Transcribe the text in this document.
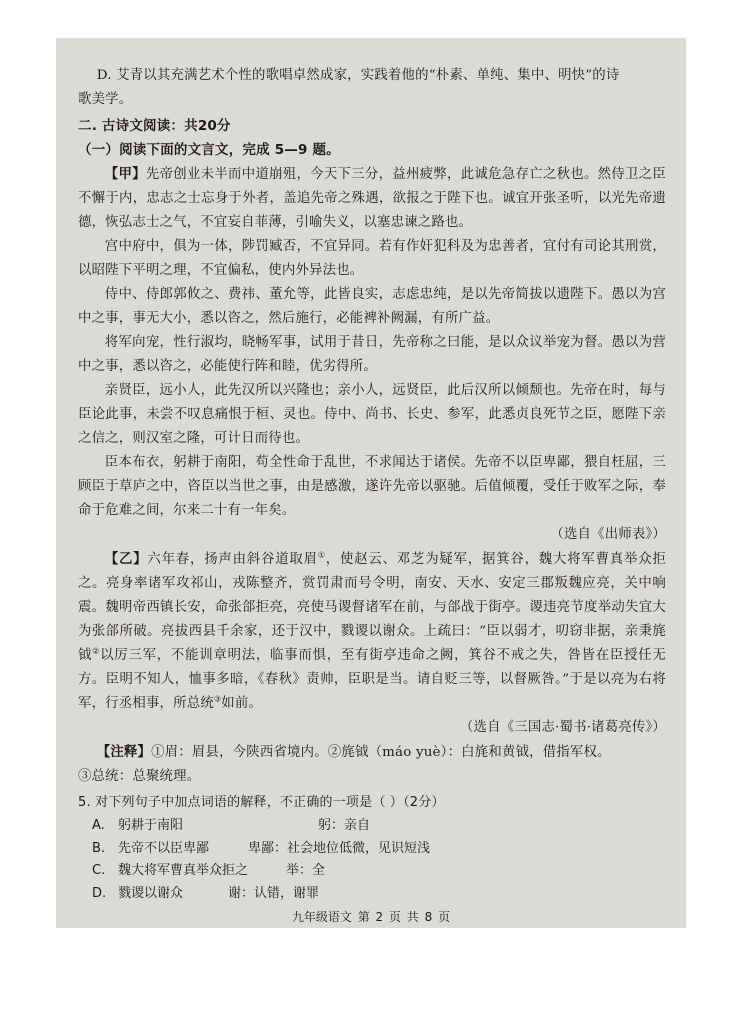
D. 艾青以其充满艺术个性的歌唱卓然成家，实践着他的“朴素、单纯、集中、明快”的诗
歌美学。

二. 古诗文阅读：共20分

（一）阅读下面的文言文，完成 5—9 题。

【甲】先帝创业未半而中道崩殂，今天下三分，益州疲弊，此诚危急存亡之秋也。然侍卫之臣不懈于内，忠志之士忘身于外者，盖追先帝之殊遇，欲报之于陛下也。诚宜开张圣听，以光先帝遗德，恢弘志士之气，不宜妄自菲薄，引喻失义，以塞忠谏之路也。

宫中府中，俱为一体，陟罚臧否，不宜异同。若有作奸犯科及为忠善者，宜付有司论其刑赏，以昭陛下平明之理，不宜偏私，使内外异法也。

侍中、侍郎郭攸之、费祎、董允等，此皆良实，志虑忠纯，是以先帝简拔以遗陛下。愚以为宫中之事，事无大小，悉以咨之，然后施行，必能裨补阙漏，有所广益。

将军向宠，性行淑均，晓畅军事，试用于昔日，先帝称之曰能，是以众议举宠为督。愚以为营中之事，悉以咨之，必能使行阵和睦，优劣得所。

亲贤臣，远小人，此先汉所以兴隆也；亲小人，远贤臣，此后汉所以倾颓也。先帝在时，每与臣论此事，未尝不叹息痛恨于桓、灵也。侍中、尚书、长史、参军，此悉贞良死节之臣，愿陛下亲之信之，则汉室之隆，可计日而待也。

臣本布衣，躬耕于南阳，苟全性命于乱世，不求闻达于诸侯。先帝不以臣卑鄙，猥自枉屈，三顾臣于草庐之中，咨臣以当世之事，由是感激，遂许先帝以驱驰。后值倾覆，受任于败军之际，奉命于危难之间，尔来二十有一年矣。

（选自《出师表》）

【乙】六年春，扬声由斜谷道取眉①，使赵云、邓芝为疑军，据箕谷，魏大将军曹真举众拒之。亮身率诸军攻祁山，戎陈整齐，赏罚肃而号令明，南安、天水、安定三郡叛魏应亮，关中响震。魏明帝西镇长安，命张郃拒亮，亮使马谡督诸军在前，与郃战于街亭。谡违亮节度举动失宜大为张郃所破。亮拔西县千余家，还于汉中，戮谡以谢众。上疏曰：“臣以弱才，叨窃非据，亲秉旄钺②以厉三军，不能训章明法，临事而惧，至有街亭违命之阙，箕谷不戒之失，咎皆在臣授任无方。臣明不知人，恤事多暗，《春秋》责帅，臣职是当。请自贬三等，以督厥咎。”于是以亮为右将军，行丞相事，所总统③如前。

（选自《三国志·蜀书·诸葛亮传》）

【注释】①眉：眉县，今陕西省境内。②旄钺（máo yuè）：白旄和黄钺，借指军权。
③总统：总聚统理。

5. 对下列句子中加点词语的解释，不正确的一项是（ ）（2分）

A.	躬耕于南阳	躬：亲自
B. 先帝不以臣卑鄙	卑鄙：社会地位低微，见识短浅
C. 魏大将军曹真举众拒之	举：全
D. 戮谡以谢众	谢：认错，谢罪
九年级语文 第 2 页 共 8 页
